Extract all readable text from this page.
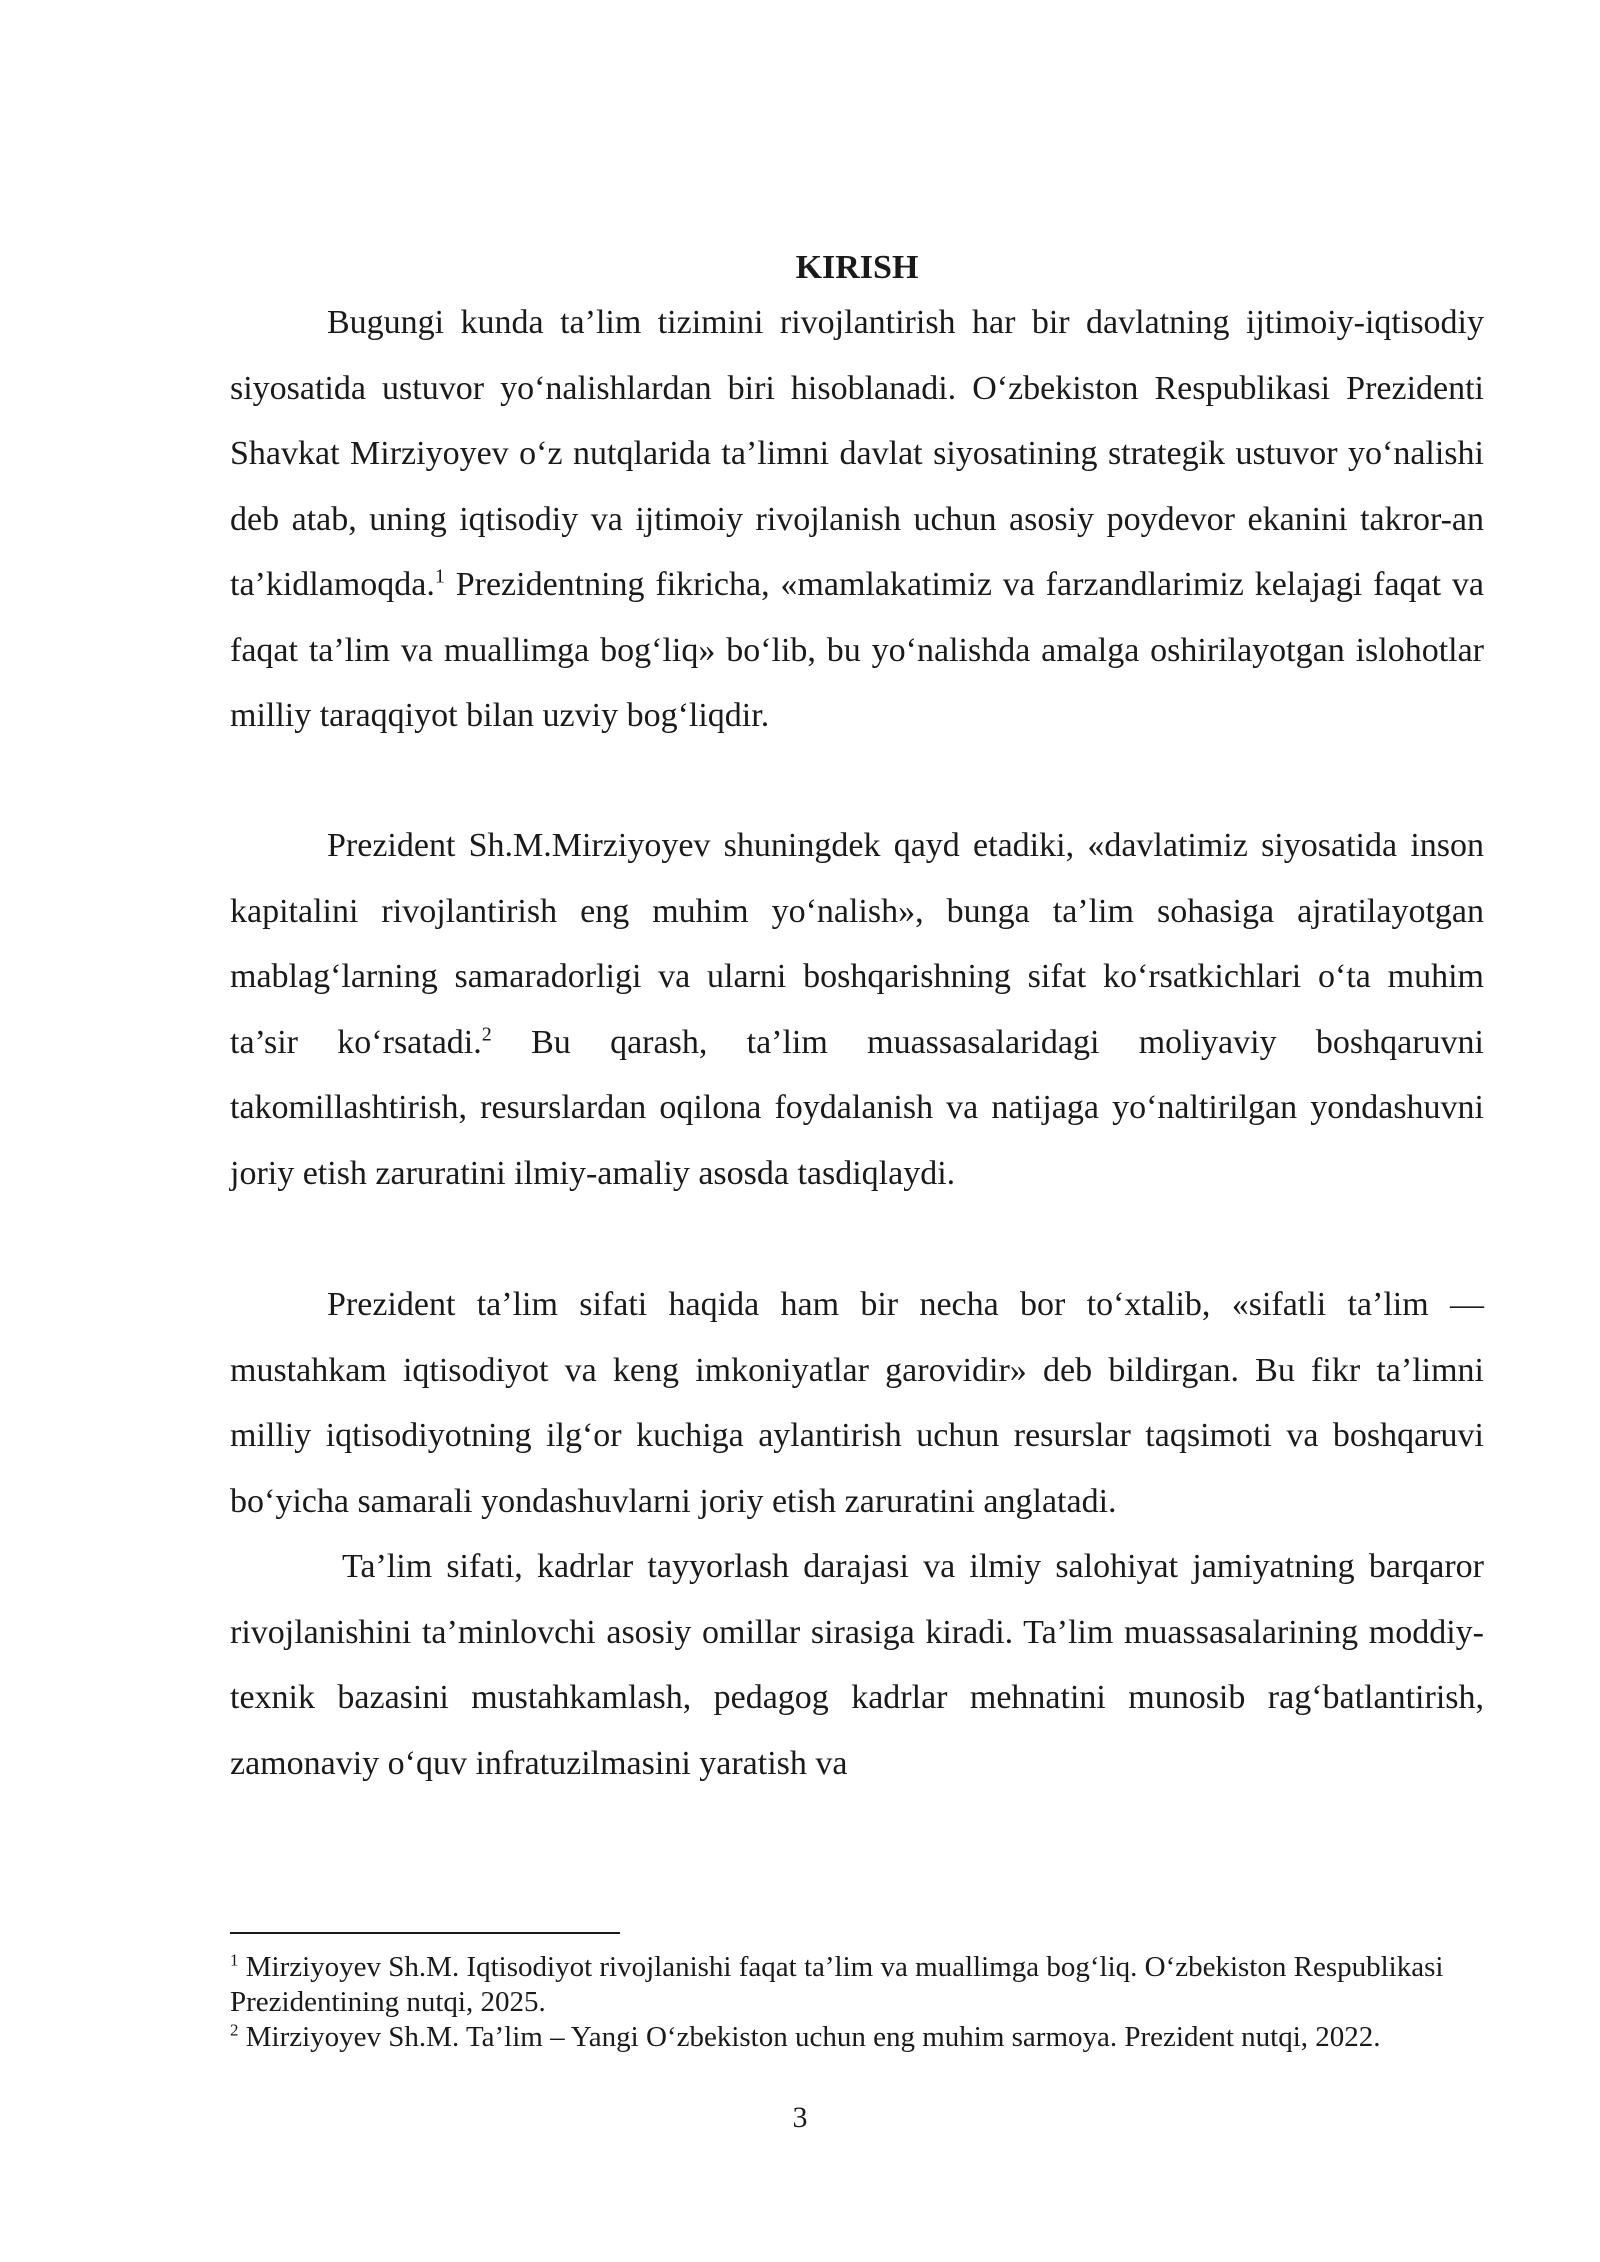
KIRISH

Bugungi kunda ta’lim tizimini rivojlantirish har bir davlatning ijtimoiy-iqtisodiy siyosatida ustuvor yo‘nalishlardan biri hisoblanadi. O‘zbekiston Respublikasi Prezidenti Shavkat Mirziyoyev o‘z nutqlarida ta’limni davlat siyosatining strategik ustuvor yo‘nalishi deb atab, uning iqtisodiy va ijtimoiy rivojlanish uchun asosiy poydevor ekanini takror-an ta’kidlamoqda.$^1$ Prezidentning fikricha, «mamlakatimiz va farzandlarimiz kelajagi faqat va faqat ta’lim va muallimga bog‘liq» bo‘lib, bu yo‘nalishda amalga oshirilayotgan islohotlar milliy taraqqiyot bilan uzviy bog‘liqdir.

Prezident Sh.M.Mirziyoyev shuningdek qayd etadiki, «davlatimiz siyosatida inson kapitalini rivojlantirish eng muhim yo‘nalish», bunga ta’lim sohasiga ajratilayotgan mablag‘larning samaradorligi va ularni boshqarishning sifat ko‘rsatkichlari o‘ta muhim ta’sir ko‘rsatadi.$^2$ Bu qarash, ta’lim muassasalaridagi moliyaviy boshqaruvni takomillashtirish, resurslardan oqilona foydalanish va natijaga yo‘naltirilgan yondashuvni joriy etish zaruratini ilmiy-amaliy asosda tasdiqlaydi.

Prezident ta’lim sifati haqida ham bir necha bor to‘xtalib, «sifatli ta’lim — mustahkam iqtisodiyot va keng imkoniyatlar garovidir» deb bildirgan. Bu fikr ta’limni milliy iqtisodiyotning ilg‘or kuchiga aylantirish uchun resurslar taqsimoti va boshqaruvi bo‘yicha samarali yondashuvlarni joriy etish zaruratini anglatadi.

Ta’lim sifati, kadrlar tayyorlash darajasi va ilmiy salohiyat jamiyatning barqaror rivojlanishini ta’minlovchi asosiy omillar sirasiga kiradi. Ta’lim muassasalarining moddiy-texnik bazasini mustahkamlash, pedagog kadrlar mehnatini munosib rag‘batlantirish, zamonaviy o‘quv infratuzilmasini yaratish va

$^1$ Mirziyoyev Sh.M. Iqtisodiyot rivojlanishi faqat ta’lim va muallimga bog‘liq. O‘zbekiston Respublikasi Prezidentining nutqi, 2025.

$^2$ Mirziyoyev Sh.M. Ta’lim – Yangi O‘zbekiston uchun eng muhim sarmoya. Prezident nutqi, 2022.

3
